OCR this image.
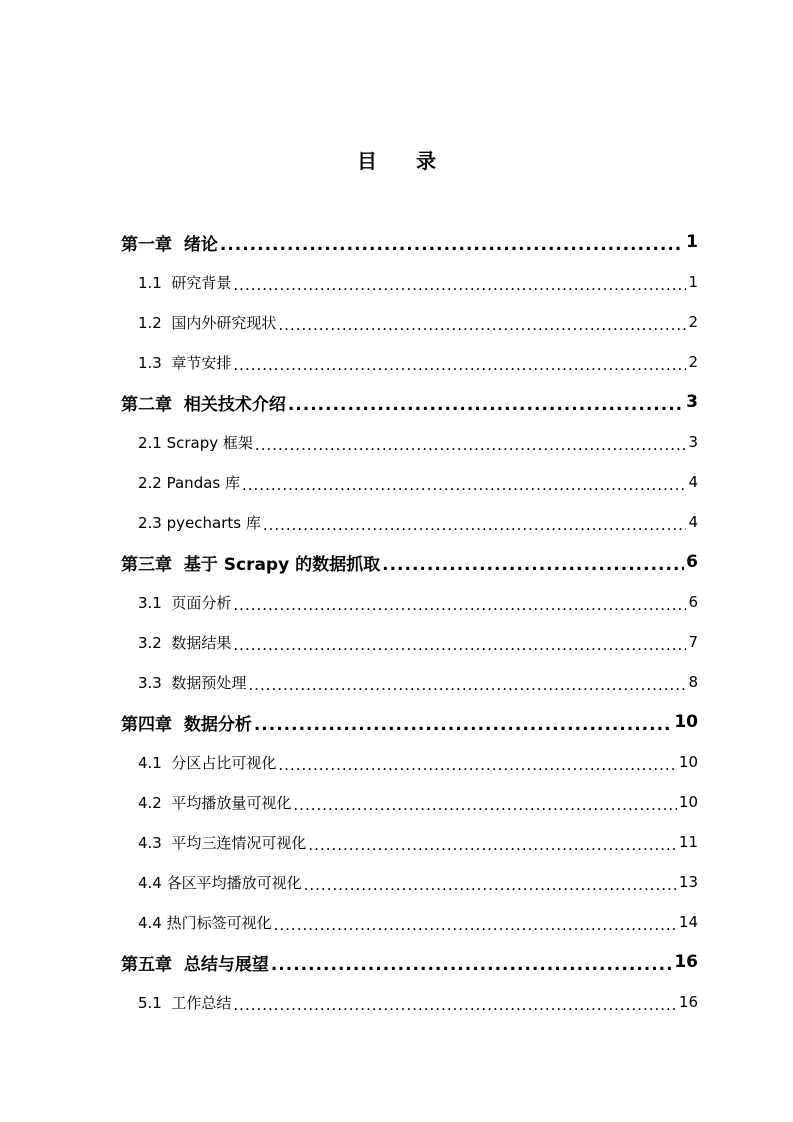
目 录
第一章  绪论 .....	1
1.1  研究背景 .....	1
1.2  国内外研究现状 .....	2
1.3  章节安排 .....	2
第二章  相关技术介绍 .....	3
2.1 Scrapy 框架 .....	3
2.2 Pandas 库 .....	4
2.3 pyecharts 库 .....	4
第三章  基于 Scrapy 的数据抓取 .....	6
3.1  页面分析 .....	6
3.2  数据结果 .....	7
3.3  数据预处理 .....	8
第四章  数据分析 .....	10
4.1  分区占比可视化 .....	10
4.2  平均播放量可视化 .....	10
4.3  平均三连情况可视化 .....	11
4.4 各区平均播放可视化 .....	13
4.4 热门标签可视化 .....	14
第五章  总结与展望 .....	16
5.1  工作总结 .....	16
